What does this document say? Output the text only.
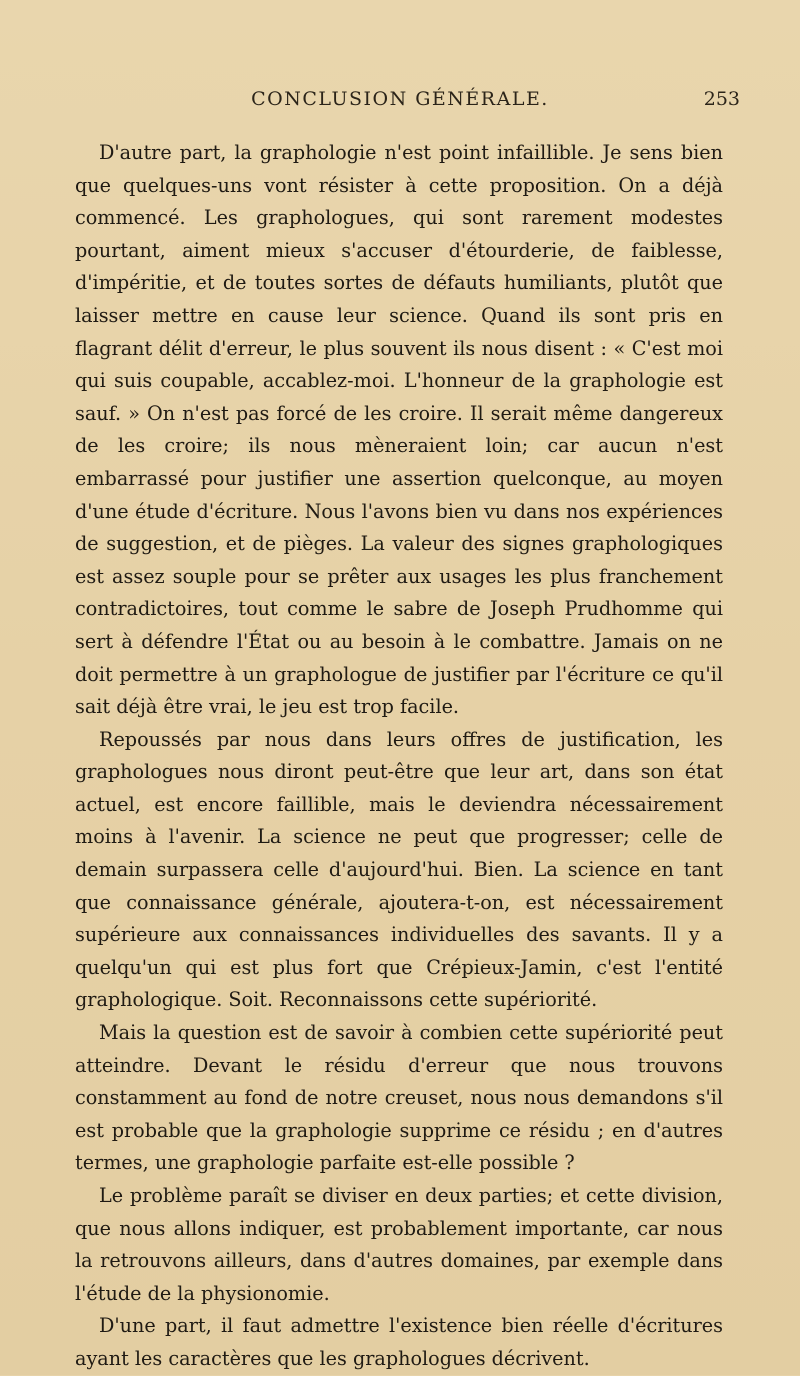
CONCLUSION GÉNÉRALE.	253

D'autre part, la graphologie n'est point infaillible. Je sens bien que quelques-uns vont résister à cette proposition. On a déjà commencé. Les graphologues, qui sont rarement modestes pourtant, aiment mieux s'accuser d'étourderie, de faiblesse, d'impéritie, et de toutes sortes de défauts humiliants, plutôt que laisser mettre en cause leur science. Quand ils sont pris en flagrant délit d'erreur, le plus souvent ils nous disent : « C'est moi qui suis coupable, accablez-moi. L'honneur de la graphologie est sauf. » On n'est pas forcé de les croire. Il serait même dangereux de les croire; ils nous mèneraient loin; car aucun n'est embarrassé pour justifier une assertion quelconque, au moyen d'une étude d'écriture. Nous l'avons bien vu dans nos expériences de suggestion, et de pièges. La valeur des signes graphologiques est assez souple pour se prêter aux usages les plus franchement contradictoires, tout comme le sabre de Joseph Prudhomme qui sert à défendre l'État ou au besoin à le combattre. Jamais on ne doit permettre à un graphologue de justifier par l'écriture ce qu'il sait déjà être vrai, le jeu est trop facile.

Repoussés par nous dans leurs offres de justification, les graphologues nous diront peut-être que leur art, dans son état actuel, est encore faillible, mais le deviendra nécessairement moins à l'avenir. La science ne peut que progresser; celle de demain surpassera celle d'aujourd'hui. Bien. La science en tant que connaissance générale, ajoutera-t-on, est nécessairement supérieure aux connaissances individuelles des savants. Il y a quelqu'un qui est plus fort que Crépieux-Jamin, c'est l'entité graphologique. Soit. Reconnaissons cette supériorité.

Mais la question est de savoir à combien cette supériorité peut atteindre. Devant le résidu d'erreur que nous trouvons constamment au fond de notre creuset, nous nous demandons s'il est probable que la graphologie supprime ce résidu ; en d'autres termes, une graphologie parfaite est-elle possible ?

Le problème paraît se diviser en deux parties; et cette division, que nous allons indiquer, est probablement importante, car nous la retrouvons ailleurs, dans d'autres domaines, par exemple dans l'étude de la physionomie.

D'une part, il faut admettre l'existence bien réelle d'écritures ayant les caractères que les graphologues décrivent.
